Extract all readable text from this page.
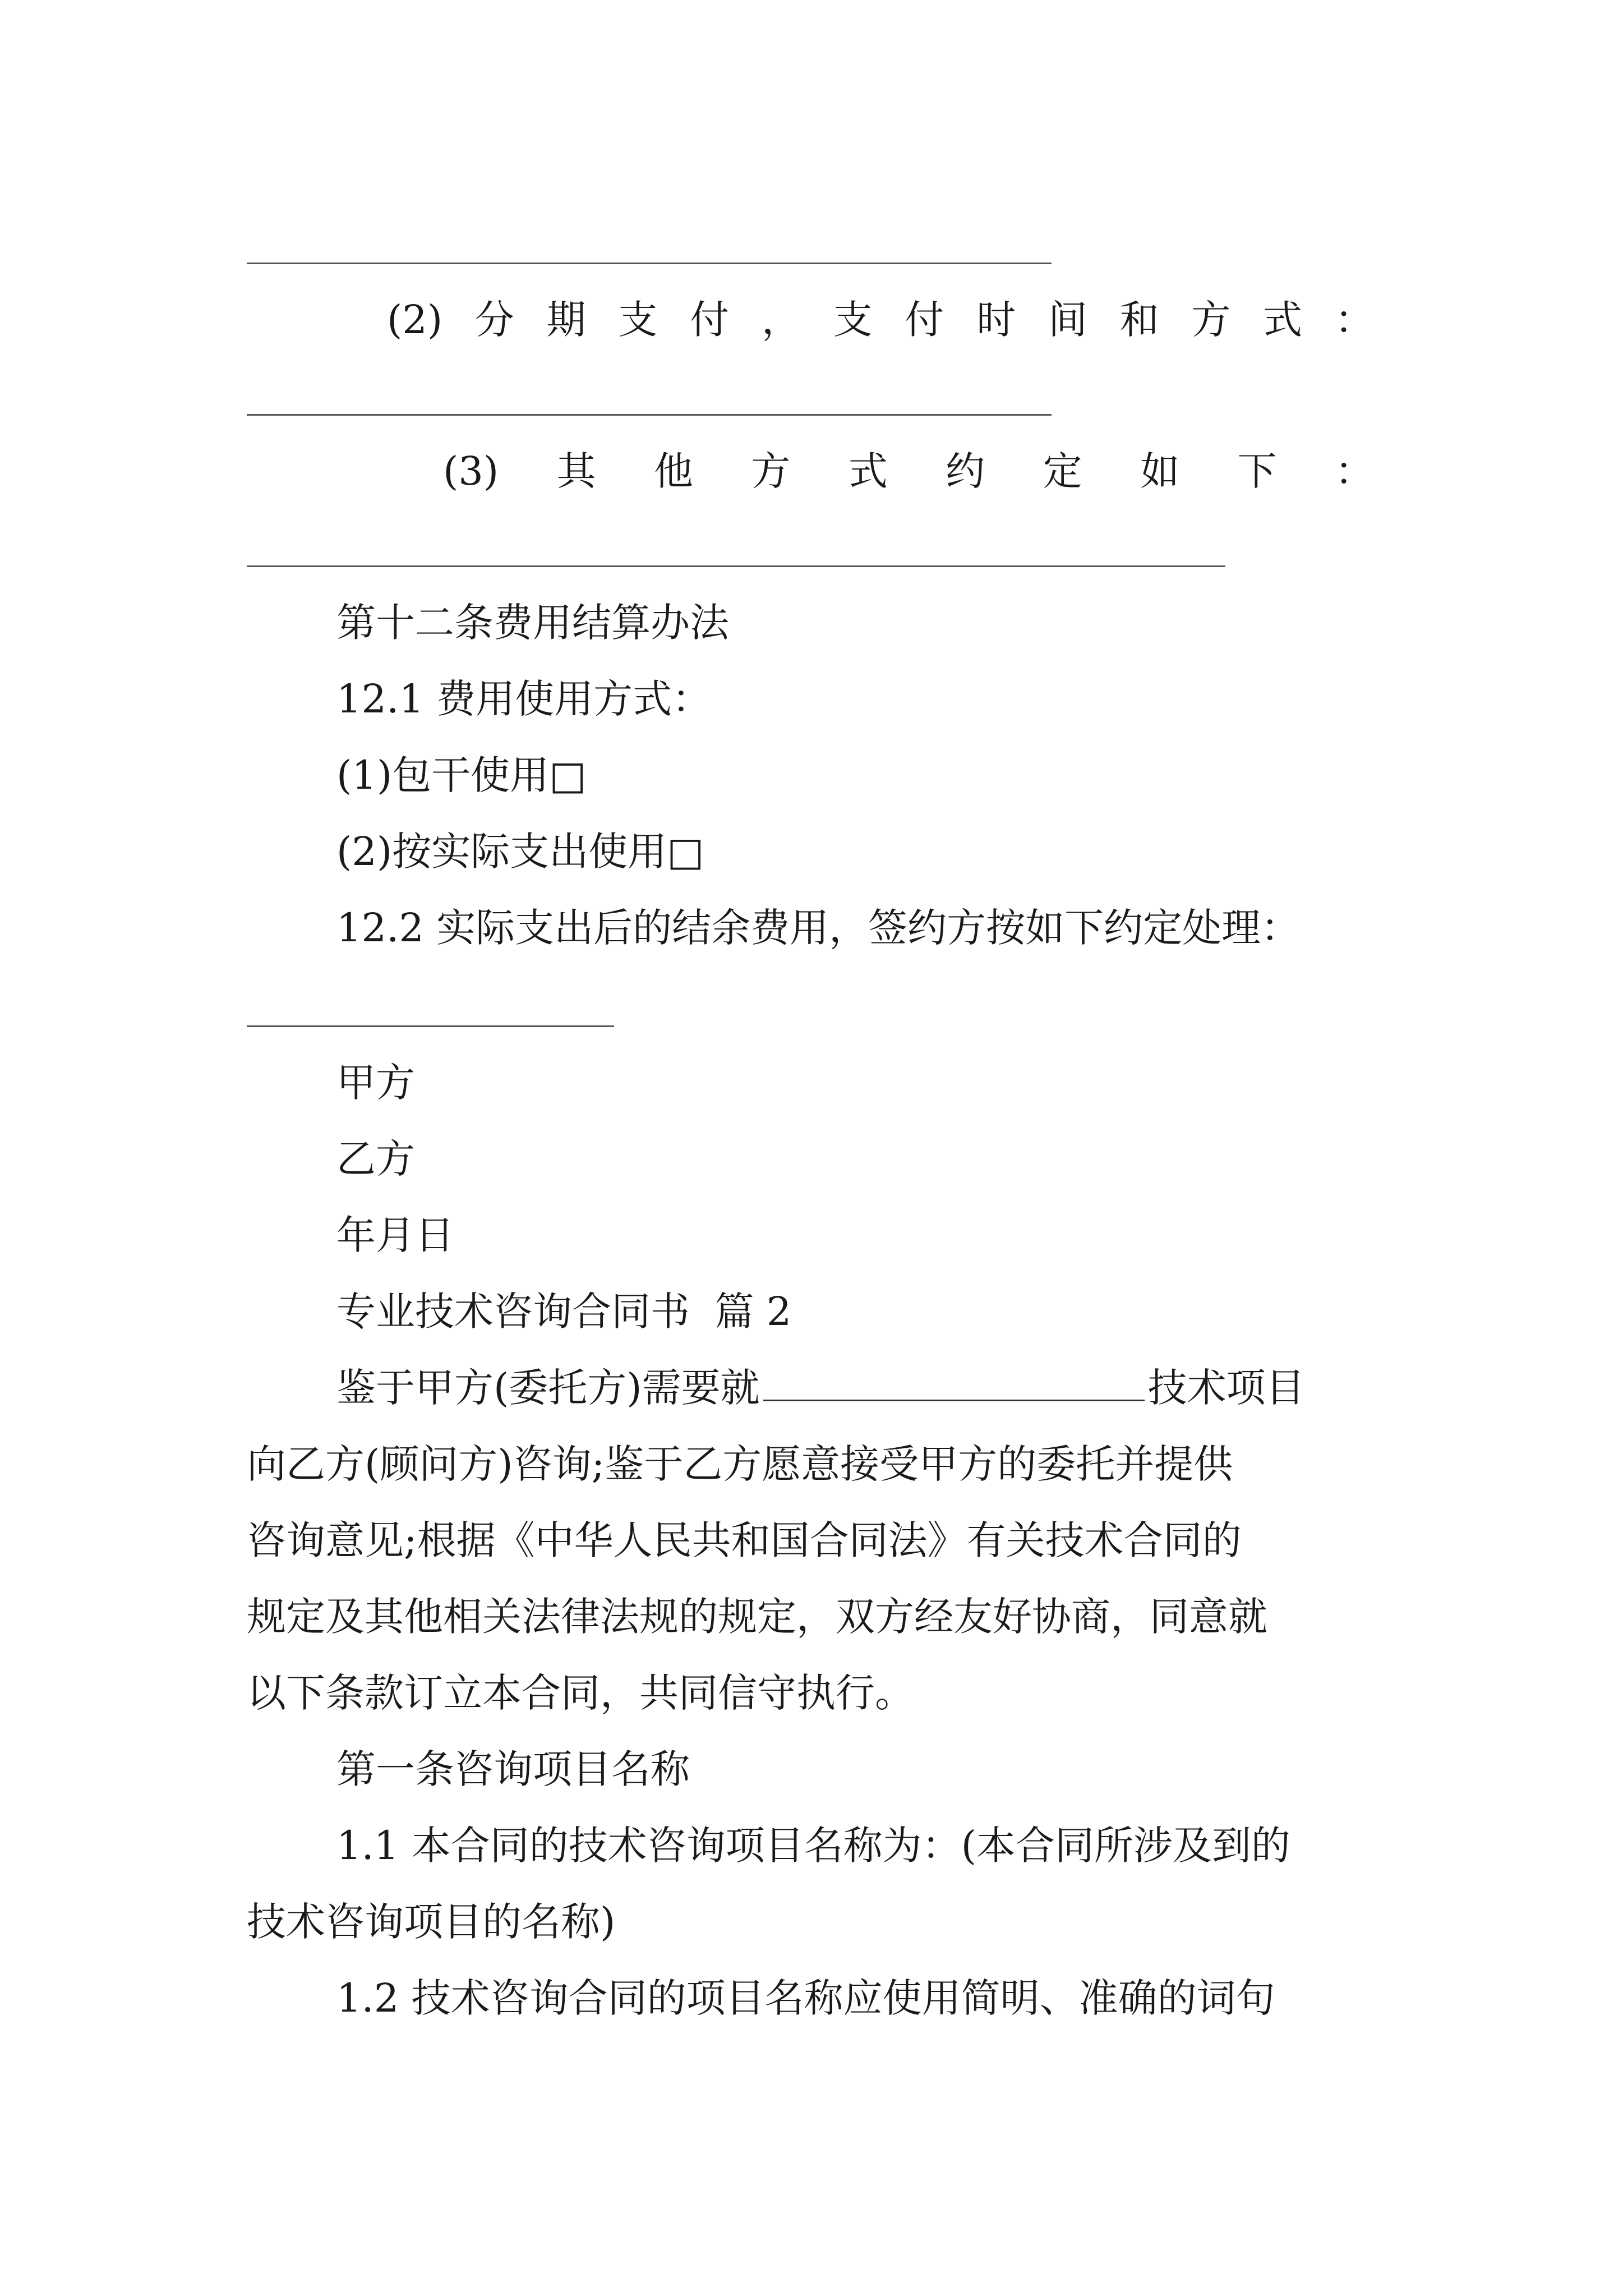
(2) 分 期 支 付 ， 支 付 时 间 和 方 式 ：
(3) 其 他 方 式 约 定 如 下 ：
第十二条费用结算办法
12.1 费用使用方式：
(1)包干使用□
(2)按实际支出使用□
12.2 实际支出后的结余费用，签约方按如下约定处理：
甲方
乙方
年月日
专业技术咨询合同书  篇 2
鉴于甲方(委托方)需要就	技术项目
向乙方(顾问方)咨询;鉴于乙方愿意接受甲方的委托并提供
咨询意见;根据《中华人民共和国合同法》有关技术合同的
规定及其他相关法律法规的规定，双方经友好协商，同意就
以下条款订立本合同，共同信守执行。
第一条咨询项目名称
1.1 本合同的技术咨询项目名称为：(本合同所涉及到的
技术咨询项目的名称)
1.2 技术咨询合同的项目名称应使用简明、准确的词句
